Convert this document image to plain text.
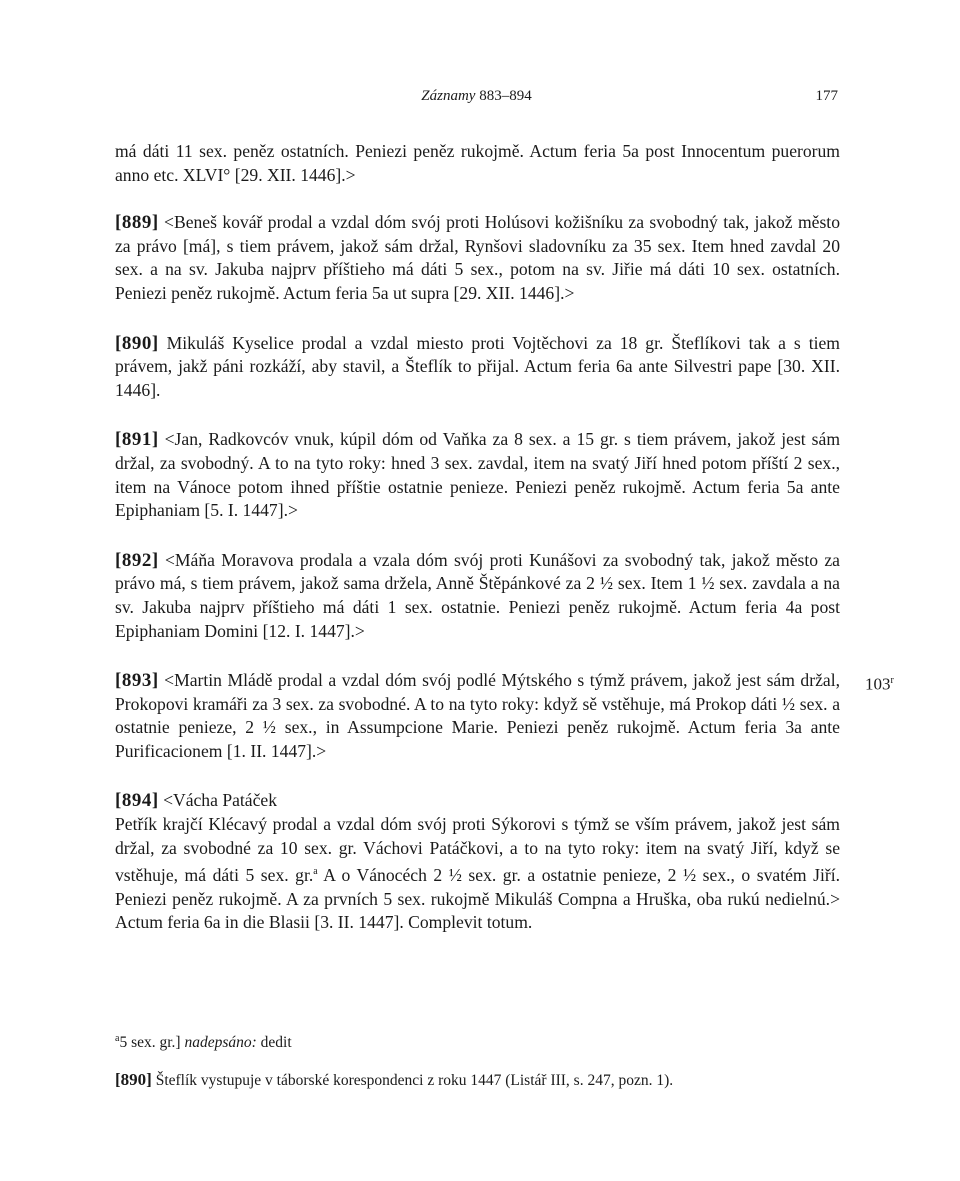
Záznamy 883–894	177

má dáti 11 sex. peněz ostatních. Peniezi peněz rukojmě. Actum feria 5a post Innocentum puerorum anno etc. XLVI° [29. XII. 1446].>

[889] <Beneš kovář prodal a vzdal dóm svój proti Holúsovi kožišníku za svobodný tak, jakož město za právo [má], s tiem právem, jakož sám držal, Rynšovi sladovníku za 35 sex. Item hned zavdal 20 sex. a na sv. Jakuba najprv příštieho má dáti 5 sex., potom na sv. Jiřie má dáti 10 sex. ostatních. Peniezi peněz rukojmě. Actum feria 5a ut supra [29. XII. 1446].>

[890] Mikuláš Kyselice prodal a vzdal miesto proti Vojtěchovi za 18 gr. Šteflíkovi tak a s tiem právem, jakž páni rozkáží, aby stavil, a Šteflík to přijal. Actum feria 6a ante Silvestri pape [30. XII. 1446].

[891] <Jan, Radkovcóv vnuk, kúpil dóm od Vaňka za 8 sex. a 15 gr. s tiem právem, jakož jest sám držal, za svobodný. A to na tyto roky: hned 3 sex. zavdal, item na svatý Jiří hned potom příští 2 sex., item na Vánoce potom ihned příštie ostatnie penieze. Peniezi peněz rukojmě. Actum feria 5a ante Epiphaniam [5. I. 1447].>

[892] <Máňa Moravova prodala a vzala dóm svój proti Kunášovi za svobodný tak, jakož město za právo má, s tiem právem, jakož sama držela, Anně Štěpánkové za 2 ½ sex. Item 1 ½ sex. zavdala a na sv. Jakuba najprv příštieho má dáti 1 sex. ostatnie. Peniezi peněz rukojmě. Actum feria 4a post Epiphaniam Domini [12. I. 1447].>

103$^r$
[893] <Martin Mládě prodal a vzdal dóm svój podlé Mýtského s týmž právem, jakož jest sám držal, Prokopovi kramáři za 3 sex. za svobodné. A to na tyto roky: když sě vstěhuje, má Prokop dáti ½ sex. a ostatnie penieze, 2 ½ sex., in Assumpcione Marie. Peniezi peněz rukojmě. Actum feria 3a ante Purificacionem [1. II. 1447].>

[894] <Vácha Patáček
Petřík krajčí Klécavý prodal a vzdal dóm svój proti Sýkorovi s týmž se vším právem, jakož jest sám držal, za svobodné za 10 sex. gr. Váchovi Patáčkovi, a to na tyto roky: item na svatý Jiří, když se vstěhuje, má dáti 5 sex. gr.$^a$ A o Vánocéch 2 ½ sex. gr. a ostatnie penieze, 2 ½ sex., o svatém Jiří. Peniezi peněz rukojmě. A za prvních 5 sex. rukojmě Mikuláš Compna a Hruška, oba rukú nedielnú.> Actum feria 6a in die Blasii [3. II. 1447]. Complevit totum.

$^a$5 sex. gr.] nadepsáno: dedit

[890] Šteflík vystupuje v táborské korespondenci z roku 1447 (Listář III, s. 247, pozn. 1).
